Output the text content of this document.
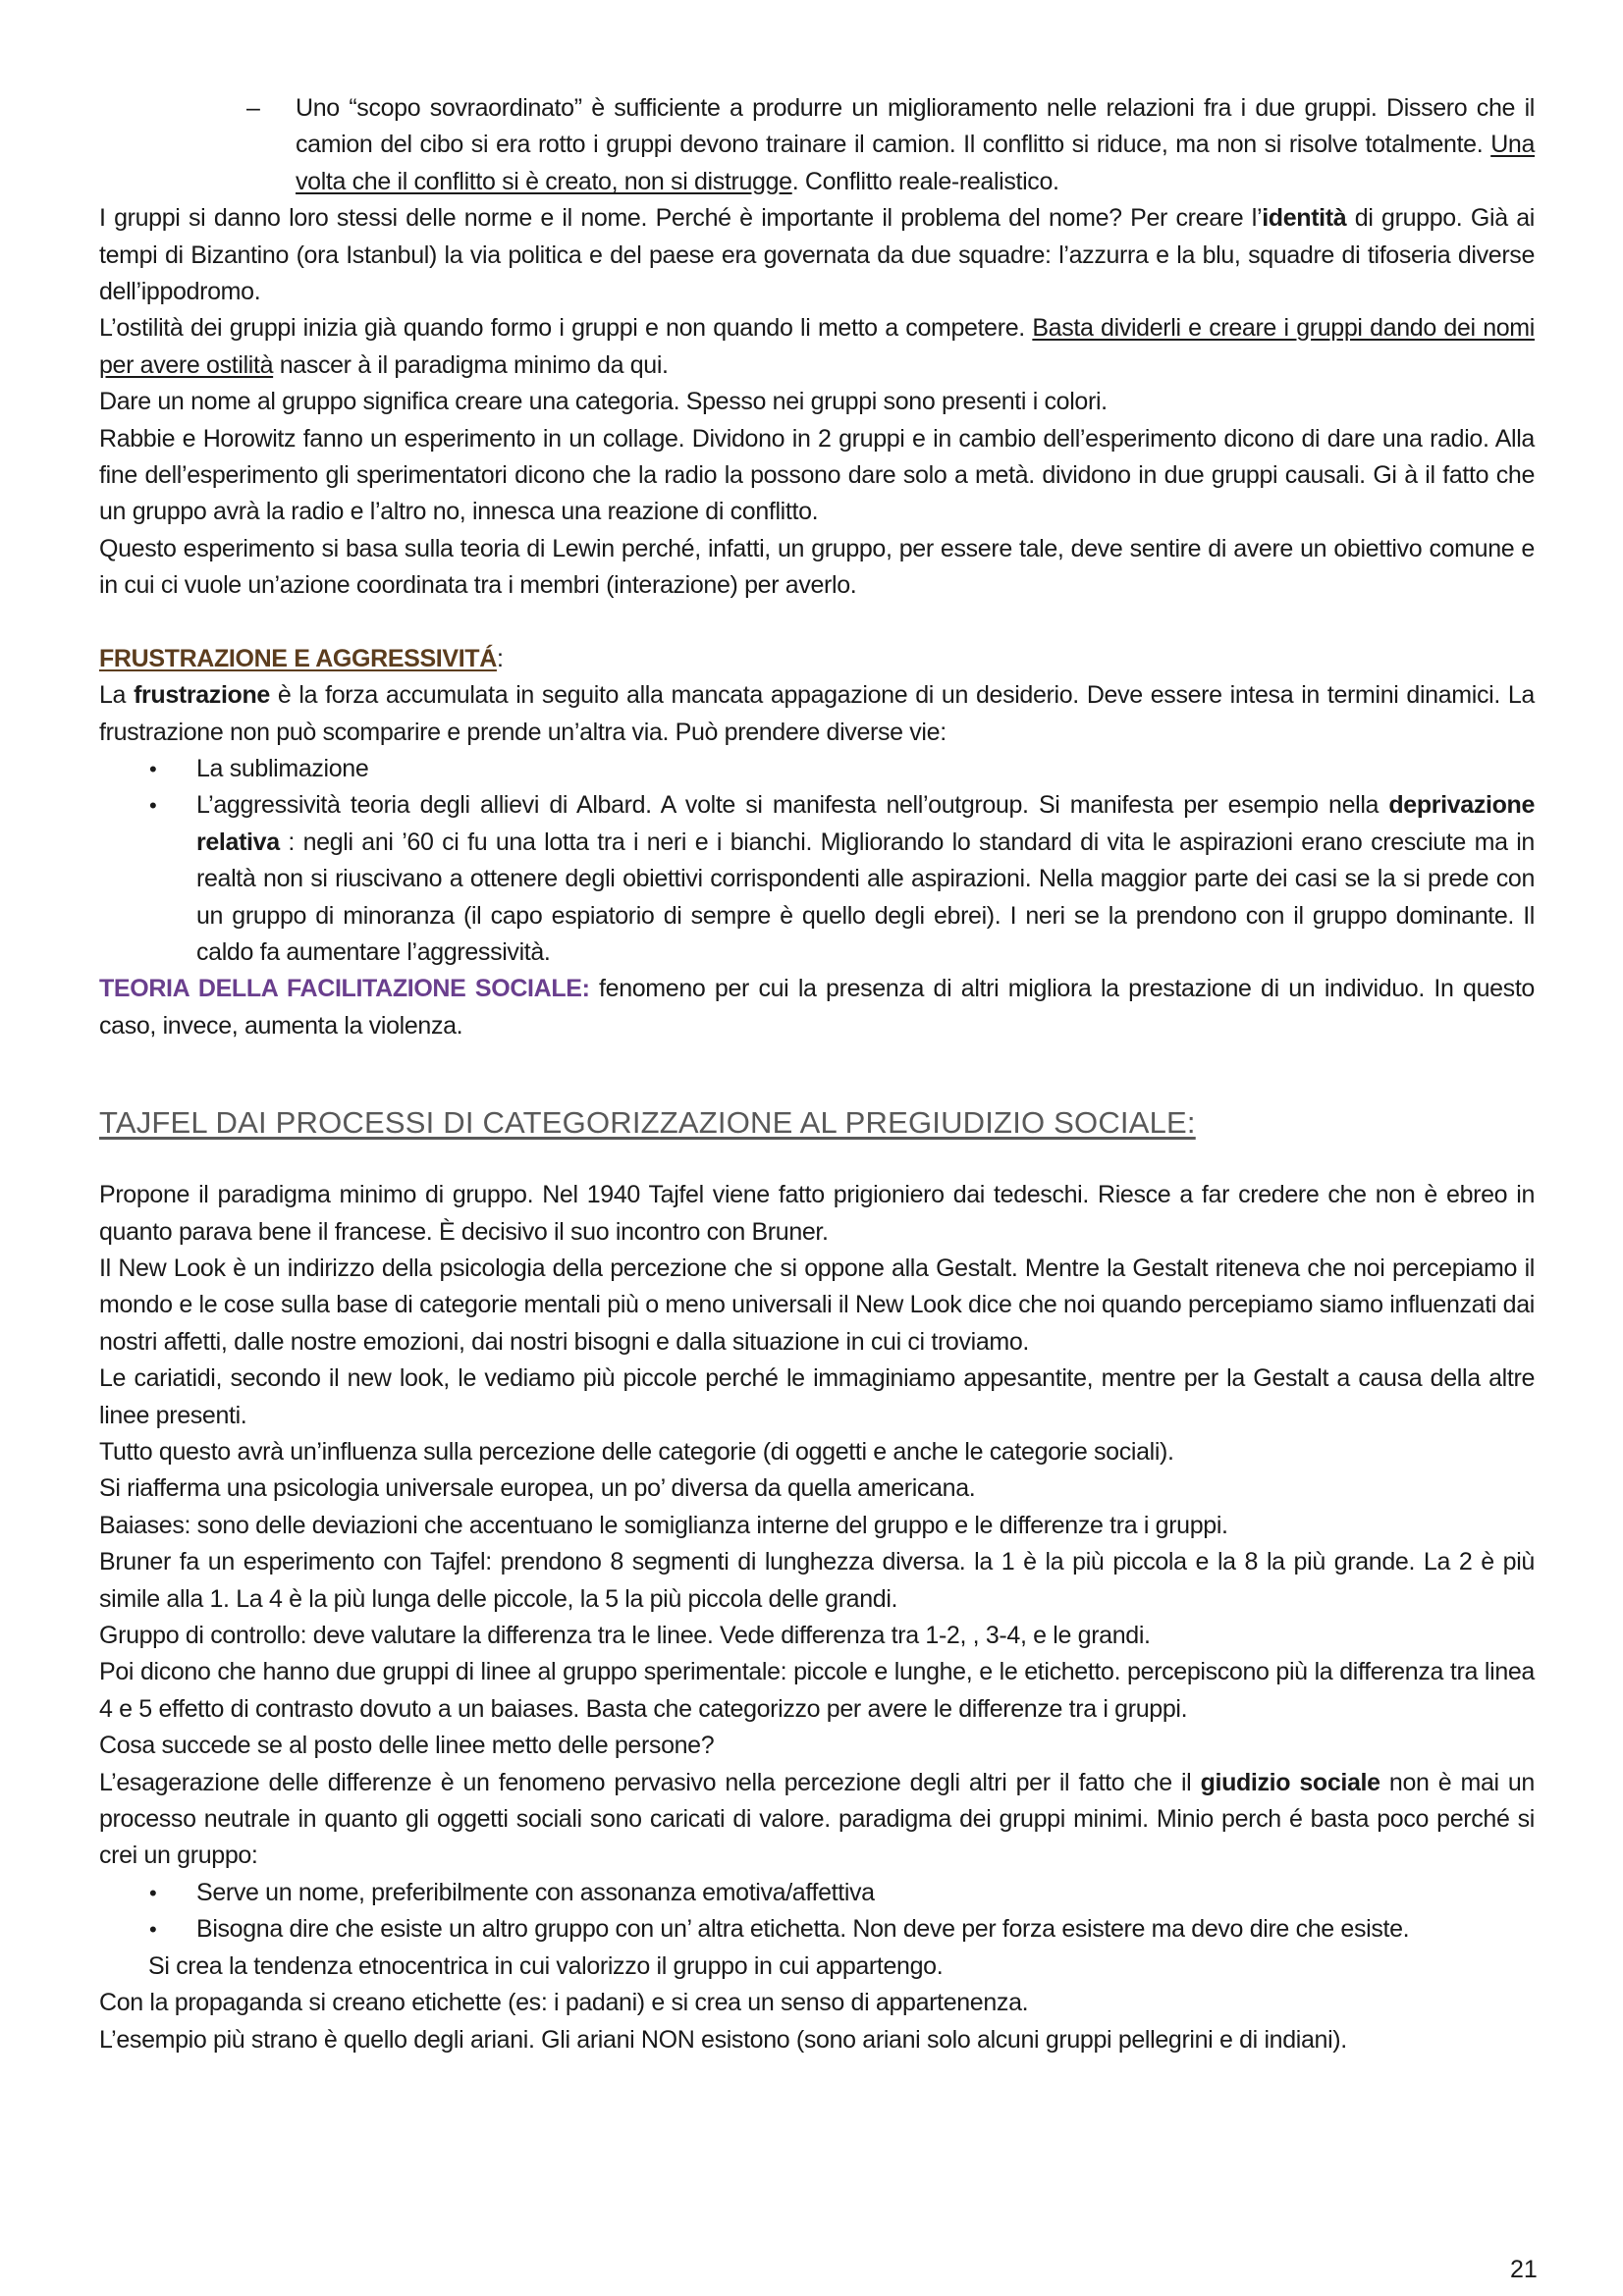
– Uno “scopo sovraordinato” è sufficiente a produrre un miglioramento nelle relazioni fra i due gruppi. Dissero che il camion del cibo si era rotto i gruppi devono trainare il camion. Il conflitto si riduce, ma non si risolve totalmente. Una volta che il conflitto si è creato, non si distrugge. Conflitto reale-realistico.

I gruppi si danno loro stessi delle norme e il nome. Perché è importante il problema del nome? Per creare l’identità di gruppo. Già ai tempi di Bizantino (ora Istanbul) la via politica e del paese era governata da due squadre: l’azzurra e la blu, squadre di tifoseria diverse dell’ippodromo.

L’ostilità dei gruppi inizia già quando formo i gruppi e non quando li metto a competere. Basta dividerli e creare i gruppi dando dei nomi per avere ostilità nascer à il paradigma minimo da qui.

Dare un nome al gruppo significa creare una categoria. Spesso nei gruppi sono presenti i colori.

Rabbie e Horowitz fanno un esperimento in un collage. Dividono in 2 gruppi e in cambio dell’esperimento dicono di dare una radio. Alla fine dell’esperimento gli sperimentatori dicono che la radio la possono dare solo a metà. dividono in due gruppi causali. Gi à il fatto che un gruppo avrà la radio e l’altro no, innesca una reazione di conflitto.

Questo esperimento si basa sulla teoria di Lewin perché, infatti, un gruppo, per essere tale, deve sentire di avere un obiettivo comune e in cui ci vuole un’azione coordinata tra i membri (interazione) per averlo.

FRUSTRAZIONE E AGGRESSIVITÁ:

La frustrazione è la forza accumulata in seguito alla mancata appagazione di un desiderio. Deve essere intesa in termini dinamici. La frustrazione non può scomparire e prende un’altra via. Può prendere diverse vie:

• La sublimazione
• L’aggressività teoria degli allievi di Albard. A volte si manifesta nell’outgroup. Si manifesta per esempio nella deprivazione relativa : negli ani ’60 ci fu una lotta tra i neri e i bianchi. Migliorando lo standard di vita le aspirazioni erano cresciute ma in realtà non si riuscivano a ottenere degli obiettivi corrispondenti alle aspirazioni. Nella maggior parte dei casi se la si prede con un gruppo di minoranza (il capo espiatorio di sempre è quello degli ebrei). I neri se la prendono con il gruppo dominante. Il caldo fa aumentare l’aggressività.

TEORIA DELLA FACILITAZIONE SOCIALE: fenomeno per cui la presenza di altri migliora la prestazione di un individuo. In questo caso, invece, aumenta la violenza.

TAJFEL DAI PROCESSI DI CATEGORIZZAZIONE AL PREGIUDIZIO SOCIALE:

Propone il paradigma minimo di gruppo. Nel 1940 Tajfel viene fatto prigioniero dai tedeschi. Riesce a far credere che non è ebreo in quanto parava bene il francese. È decisivo il suo incontro con Bruner.

Il New Look è un indirizzo della psicologia della percezione che si oppone alla Gestalt. Mentre la Gestalt riteneva che noi percepiamo il mondo e le cose sulla base di categorie mentali più o meno universali il New Look dice che noi quando percepiamo siamo influenzati dai nostri affetti, dalle nostre emozioni, dai nostri bisogni e dalla situazione in cui ci troviamo.

Le cariatidi, secondo il new look, le vediamo più piccole perché le immaginiamo appesantite, mentre per la Gestalt a causa della altre linee presenti.

Tutto questo avrà un’influenza sulla percezione delle categorie (di oggetti e anche le categorie sociali).

Si riafferma una psicologia universale europea, un po’ diversa da quella americana.

Baiases: sono delle deviazioni che accentuano le somiglianza interne del gruppo e le differenze tra i gruppi.

Bruner fa un esperimento con Tajfel: prendono 8 segmenti di lunghezza diversa. la 1 è la più piccola e la 8 la più grande. La 2 è più simile alla 1. La 4 è la più lunga delle piccole, la 5 la più piccola delle grandi.

Gruppo di controllo: deve valutare la differenza tra le linee. Vede differenza tra 1-2, , 3-4, e le grandi.

Poi dicono che hanno due gruppi di linee al gruppo sperimentale: piccole e lunghe, e le etichetto. percepiscono più la differenza tra linea 4 e 5 effetto di contrasto dovuto a un baiases. Basta che categorizzo per avere le differenze tra i gruppi.

Cosa succede se al posto delle linee metto delle persone?

L’esagerazione delle differenze è un fenomeno pervasivo nella percezione degli altri per il fatto che il giudizio sociale non è mai un processo neutrale in quanto gli oggetti sociali sono caricati di valore. paradigma dei gruppi minimi. Minio perch é basta poco perché si crei un gruppo:

• Serve un nome, preferibilmente con assonanza emotiva/affettiva
• Bisogna dire che esiste un altro gruppo con un’ altra etichetta. Non deve per forza esistere ma devo dire che esiste.

Si crea la tendenza etnocentrica in cui valorizzo il gruppo in cui appartengo.

Con la propaganda si creano etichette (es: i padani) e si crea un senso di appartenenza.

L’esempio più strano è quello degli ariani. Gli ariani NON esistono (sono ariani solo alcuni gruppi pellegrini e di indiani).

21
